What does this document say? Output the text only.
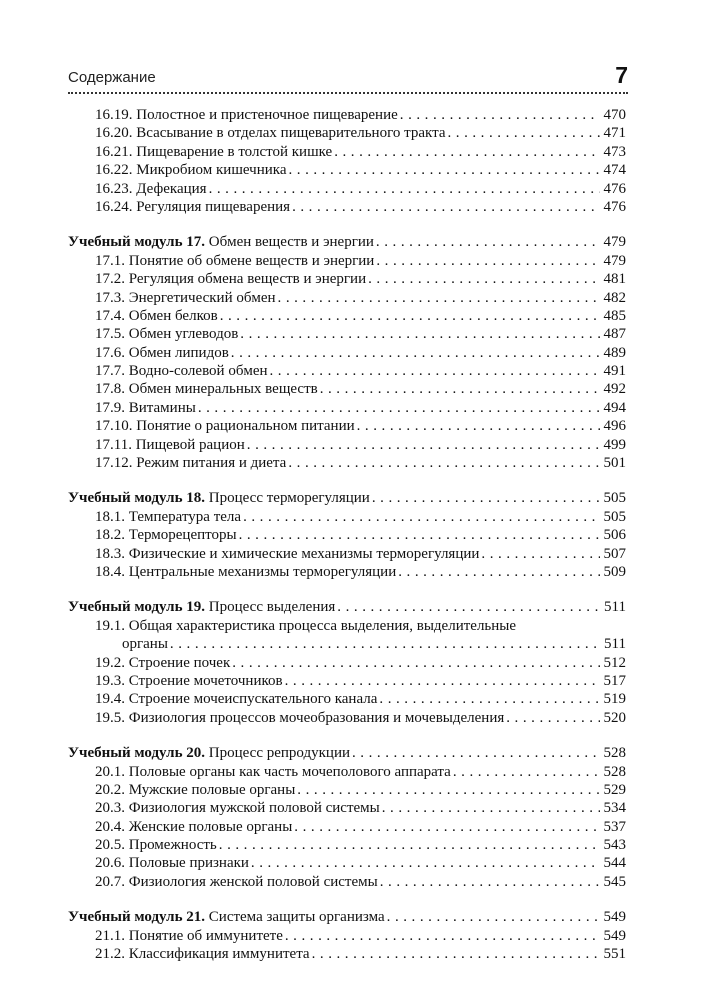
Содержание	7
16.19. Полостное и пристеночное пищеварение . . .	470
16.20. Всасывание в отделах пищеварительного тракта . . .	471
16.21. Пищеварение в толстой кишке . . .	473
16.22. Микробиом кишечника . . .	474
16.23. Дефекация . . .	476
16.24. Регуляция пищеварения . . .	476
Учебный модуль 17. Обмен веществ и энергии . . .	479
17.1. Понятие об обмене веществ и энергии . . .	479
17.2. Регуляция обмена веществ и энергии . . .	481
17.3. Энергетический обмен . . .	482
17.4. Обмен белков . . .	485
17.5. Обмен углеводов . . .	487
17.6. Обмен липидов . . .	489
17.7. Водно-солевой обмен . . .	491
17.8. Обмен минеральных веществ . . .	492
17.9. Витамины . . .	494
17.10. Понятие о рациональном питании . . .	496
17.11. Пищевой рацион . . .	499
17.12. Режим питания и диета . . .	501
Учебный модуль 18. Процесс терморегуляции . . .	505
18.1. Температура тела . . .	505
18.2. Терморецепторы . . .	506
18.3. Физические и химические механизмы терморегуляции . . .	507
18.4. Центральные механизмы терморегуляции . . .	509
Учебный модуль 19. Процесс выделения . . .	511
19.1. Общая характеристика процесса выделения, выделительные
органы . . .	511
19.2. Строение почек . . .	512
19.3. Строение мочеточников . . .	517
19.4. Строение мочеиспускательного канала . . .	519
19.5. Физиология процессов мочеобразования и мочевыделения . . .	520
Учебный модуль 20. Процесс репродукции . . .	528
20.1. Половые органы как часть мочеполового аппарата . . .	528
20.2. Мужские половые органы . . .	529
20.3. Физиология мужской половой системы . . .	534
20.4. Женские половые органы . . .	537
20.5. Промежность . . .	543
20.6. Половые признаки . . .	544
20.7. Физиология женской половой системы . . .	545
Учебный модуль 21. Система защиты организма . . .	549
21.1. Понятие об иммунитете . . .	549
21.2. Классификация иммунитета . . .	551
